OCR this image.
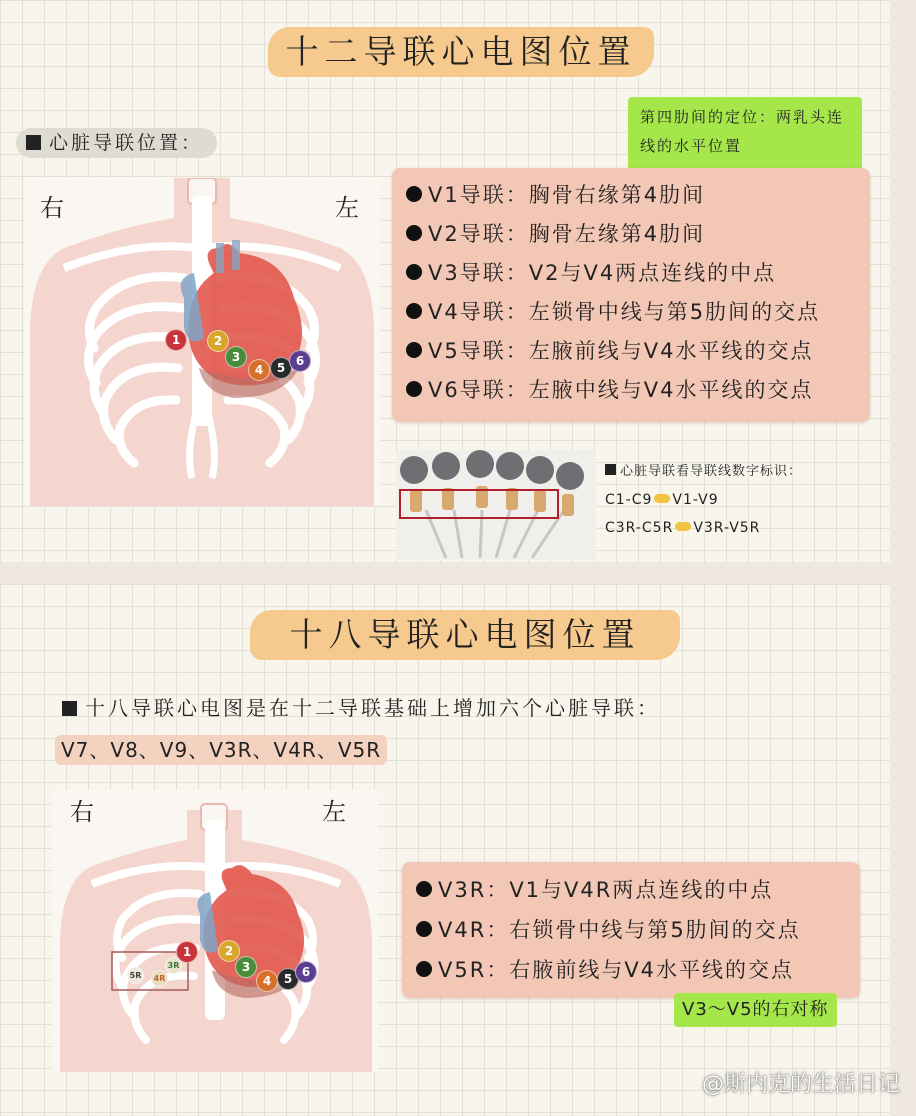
十二导联心电图位置
心脏导联位置：
第四肋间的定位：两乳头连线的水平位置
右	左
1	2
3
4	5 6
V1导联：胸骨右缘第4肋间
V2导联：胸骨左缘第4肋间
V3导联：V2与V4两点连线的中点
V4导联：左锁骨中线与第5肋间的交点
V5导联：左腋前线与V4水平线的交点
V6导联：左腋中线与V4水平线的交点
心脏导联看导联线数字标识：
C1-C9 V1-V9
C3R-C5R V3R-V5R
十八导联心电图位置
十八导联心电图是在十二导联基础上增加六个心脏导联：
V7、V8、V9、V3R、V4R、V5R
右	左
1	2
3
4	5 6
3R
4R
5R
V3R：V1与V4R两点连线的中点
V4R：右锁骨中线与第5肋间的交点
V5R：右腋前线与V4水平线的交点
V3～V5的右对称
@斯内克的生活日记
